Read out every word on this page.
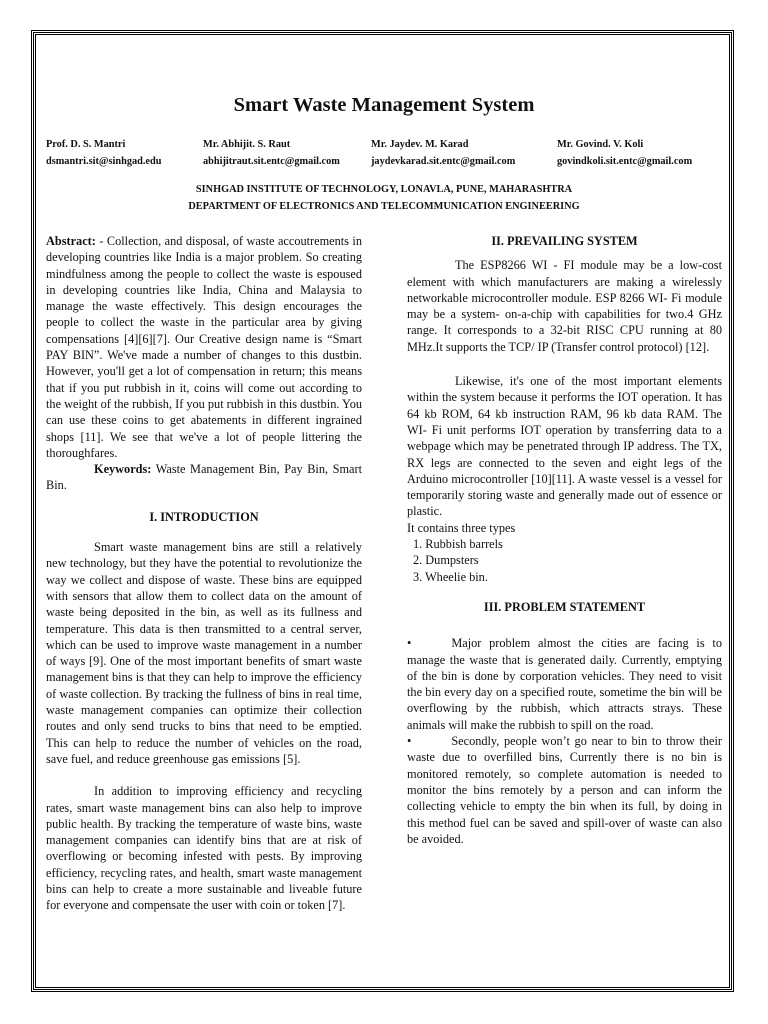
Smart Waste Management System
Prof. D. S. Mantri
dsmantri.sit@sinhgad.edu
Mr. Abhijit. S. Raut
abhijitraut.sit.entc@gmail.com
Mr. Jaydev. M. Karad
jaydevkarad.sit.entc@gmail.com
Mr. Govind. V. Koli
govindkoli.sit.entc@gmail.com
SINHGAD INSTITUTE OF TECHNOLOGY, LONAVLA, PUNE, MAHARASHTRA
DEPARTMENT OF ELECTRONICS AND TELECOMMUNICATION ENGINEERING

Abstract: - Collection, and disposal, of waste accoutrements in developing countries like India is a major problem. So creating mindfulness among the people to collect the waste is espoused in developing countries like India, China and Malaysia to manage the waste effectively. This design encourages the people to collect the waste in the particular area by giving compensations [4][6][7]. Our Creative design name is “Smart PAY BIN”. We've made a number of changes to this dustbin. However, you'll get a lot of compensation in return; this means that if you put rubbish in it, coins will come out according to the weight of the rubbish, If you put rubbish in this dustbin. You can use these coins to get abatements in different ingrained shops [11]. We see that we've a lot of people littering the thoroughfares.

Keywords: Waste Management Bin, Pay Bin, Smart Bin.

I. INTRODUCTION

Smart waste management bins are still a relatively new technology, but they have the potential to revolutionize the way we collect and dispose of waste. These bins are equipped with sensors that allow them to collect data on the amount of waste being deposited in the bin, as well as its fullness and temperature. This data is then transmitted to a central server, which can be used to improve waste management in a number of ways [9]. One of the most important benefits of smart waste management bins is that they can help to improve the efficiency of waste collection. By tracking the fullness of bins in real time, waste management companies can optimize their collection routes and only send trucks to bins that need to be emptied. This can help to reduce the number of vehicles on the road, save fuel, and reduce greenhouse gas emissions [5].

In addition to improving efficiency and recycling rates, smart waste management bins can also help to improve public health. By tracking the temperature of waste bins, waste management companies can identify bins that are at risk of overflowing or becoming infested with pests. By improving efficiency, recycling rates, and health, smart waste management bins can help to create a more sustainable and liveable future for everyone and compensate the user with coin or token [7].

II. PREVAILING SYSTEM

The ESP8266 WI - FI module may be a low-cost element with which manufacturers are making a wirelessly networkable microcontroller module. ESP 8266 WI- Fi module may be a system- on-a-chip with capabilities for two.4 GHz range. It corresponds to a 32-bit RISC CPU running at 80 MHz.It supports the TCP/ IP (Transfer control protocol) [12].

Likewise, it's one of the most important elements within the system because it performs the IOT operation. It has 64 kb ROM, 64 kb instruction RAM, 96 kb data RAM. The WI- Fi unit performs IOT operation by transferring data to a webpage which may be penetrated through IP address. The TX, RX legs are connected to the seven and eight legs of the Arduino microcontroller [10][11]. A waste vessel is a vessel for temporarily storing waste and generally made out of essence or plastic.

It contains three types

1. Rubbish barrels

2. Dumpsters

3. Wheelie bin.

III. PROBLEM STATEMENT

•	Major problem almost the cities are facing is to manage the waste that is generated daily. Currently, emptying of the bin is done by corporation vehicles. They need to visit the bin every day on a specified route, sometime the bin will be overflowing by the rubbish, which attracts strays. These animals will make the rubbish to spill on the road.

•	Secondly, people won’t go near to bin to throw their waste due to overfilled bins, Currently there is no bin is monitored remotely, so complete automation is needed to monitor the bins remotely by a person and can inform the collecting vehicle to empty the bin when its full, by doing in this method fuel can be saved and spill-over of waste can also be avoided.
